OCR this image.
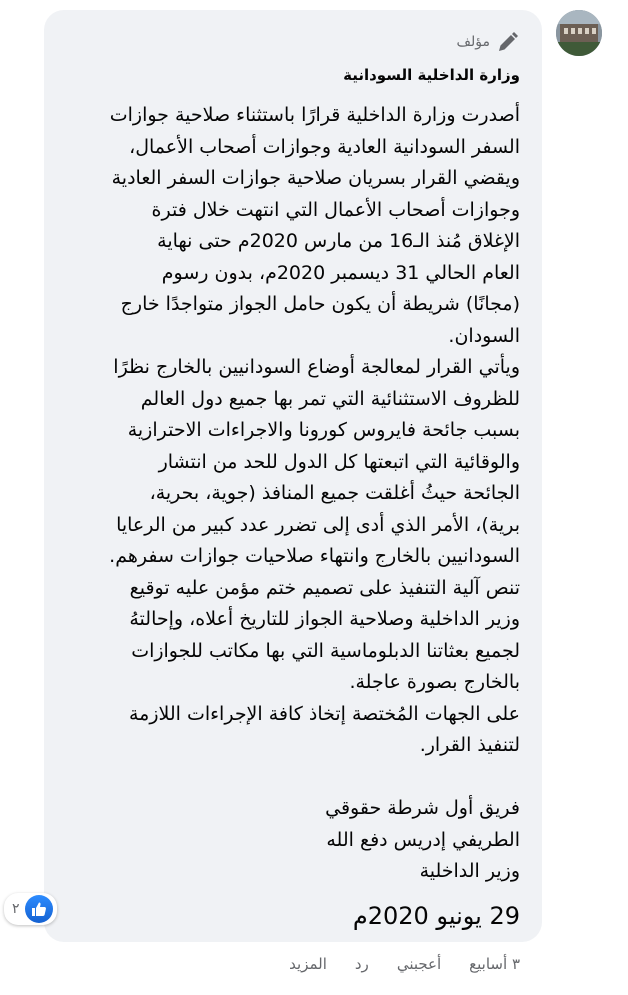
مؤلف
وزارة الداخلية السودانية
أصدرت وزارة الداخلية قرارًا باستثناء صلاحية جوازات
السفر السودانية العادية وجوازات أصحاب الأعمال،
ويقضي القرار بسريان صلاحية جوازات السفر العادية
وجوازات أصحاب الأعمال التي انتهت خلال فترة
الإغلاق مُنذ الـ16 من مارس 2020م حتى نهاية
العام الحالي 31 ديسمبر 2020م، بدون رسوم
(مجانًا) شريطة أن يكون حامل الجواز متواجدًا خارج
السودان.
ويأتي القرار لمعالجة أوضاع السودانيين بالخارج نظرًا
للظروف الاستثنائية التي تمر بها جميع دول العالم
بسبب جائحة فايروس كورونا والاجراءات الاحترازية
والوقائية التي اتبعتها كل الدول للحد من انتشار
الجائحة حيثُ أغلقت جميع المنافذ (جوية، بحرية،
برية)، الأمر الذي أدى إلى تضرر عدد كبير من الرعايا
السودانيين بالخارج وانتهاء صلاحيات جوازات سفرهم.
تنص آلية التنفيذ على تصميم ختم مؤمن عليه توقيع
وزير الداخلية وصلاحية الجواز للتاريخ أعلاه، وإحالتهُ
لجميع بعثاتنا الدبلوماسية التي بها مكاتب للجوازات
بالخارج بصورة عاجلة.
على الجهات المُختصة إتخاذ كافة الإجراءات اللازمة
لتنفيذ القرار.

فريق أول شرطة حقوقي
الطريفي إدريس دفع الله
وزير الداخلية
29 يونيو 2020م
٢
٣ أسابيع
أعجبني
رد
المزيد
